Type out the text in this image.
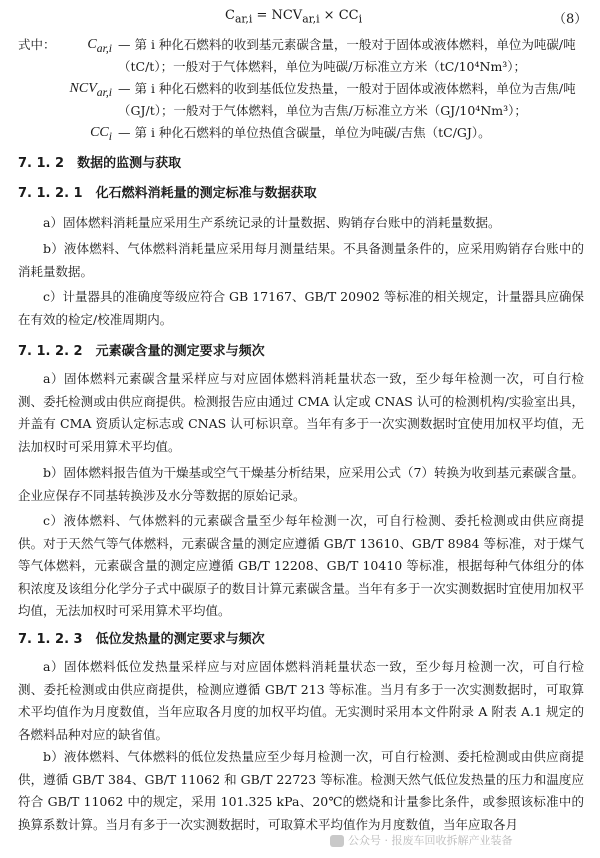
$C_{ar,i} = NCV_{ar,i} \times CC_i$	（8）
式中：	$C_{ar,i}$ — 第 i 种化石燃料的收到基元素碳含量，一般对于固体或液体燃料，单位为吨碳/吨
（tC/t）；一般对于气体燃料，单位为吨碳/万标准立方米（tC/10⁴Nm³）；
$NCV_{ar,i}$ — 第 i 种化石燃料的收到基低位发热量，一般对于固体或液体燃料，单位为吉焦/吨
（GJ/t）；一般对于气体燃料，单位为吉焦/万标准立方米（GJ/10⁴Nm³）；
$CC_i$ — 第 i 种化石燃料的单位热值含碳量，单位为吨碳/吉焦（tC/GJ）。
7. 1. 2　数据的监测与获取
7. 1. 2. 1　化石燃料消耗量的测定标准与数据获取

a）固体燃料消耗量应采用生产系统记录的计量数据、购销存台账中的消耗量数据。

b）液体燃料、气体燃料消耗量应采用每月测量结果。不具备测量条件的，应采用购销存台账中的消耗量数据。

c）计量器具的准确度等级应符合 GB 17167、GB/T 20902 等标准的相关规定，计量器具应确保在有效的检定/校准周期内。

7. 1. 2. 2　元素碳含量的测定要求与频次

a）固体燃料元素碳含量采样应与对应固体燃料消耗量状态一致，至少每年检测一次，可自行检测、委托检测或由供应商提供。检测报告应由通过 CMA 认定或 CNAS 认可的检测机构/实验室出具，并盖有 CMA 资质认定标志或 CNAS 认可标识章。当年有多于一次实测数据时宜使用加权平均值，无法加权时可采用算术平均值。

b）固体燃料报告值为干燥基或空气干燥基分析结果，应采用公式（7）转换为收到基元素碳含量。企业应保存不同基转换涉及水分等数据的原始记录。

c）液体燃料、气体燃料的元素碳含量至少每年检测一次，可自行检测、委托检测或由供应商提供。对于天然气等气体燃料，元素碳含量的测定应遵循 GB/T 13610、GB/T 8984 等标准，对于煤气等气体燃料，元素碳含量的测定应遵循 GB/T 12208、GB/T 10410 等标准，根据每种气体组分的体积浓度及该组分化学分子式中碳原子的数目计算元素碳含量。当年有多于一次实测数据时宜使用加权平均值，无法加权时可采用算术平均值。

7. 1. 2. 3　低位发热量的测定要求与频次

a）固体燃料低位发热量采样应与对应固体燃料消耗量状态一致，至少每月检测一次，可自行检测、委托检测或由供应商提供，检测应遵循 GB/T 213 等标准。当月有多于一次实测数据时，可取算术平均值作为月度数值，当年应取各月度的加权平均值。无实测时采用本文件附录 A 附表 A.1 规定的各燃料品种对应的缺省值。

b）液体燃料、气体燃料的低位发热量应至少每月检测一次，可自行检测、委托检测或由供应商提供，遵循 GB/T 384、GB/T 11062 和 GB/T 22723 等标准。检测天然气低位发热量的压力和温度应符合 GB/T 11062 中的规定，采用 101.325 kPa、20℃的燃烧和计量参比条件，或参照该标准中的换算系数计算。当月有多于一次实测数据时，可取算术平均值作为月度数值，当年应取各月

公众号 · 报废车回收拆解产业装备
